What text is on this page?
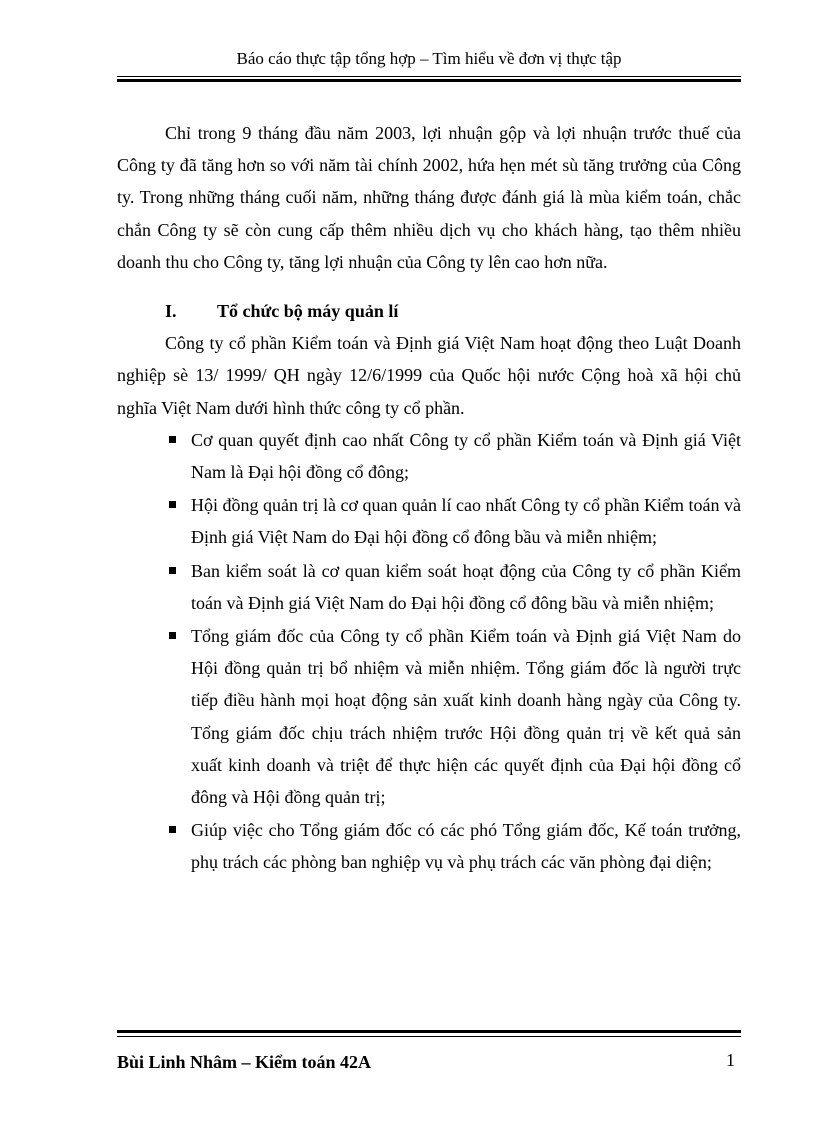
Báo cáo thực tập tổng hợp – Tìm hiểu về đơn vị thực tập

Chỉ trong 9 tháng đầu năm 2003, lợi nhuận gộp và lợi nhuận trước thuế của Công ty đã tăng hơn so với năm tài chính 2002, hứa hẹn mét sù tăng trưởng của Công ty. Trong những tháng cuối năm, những tháng được đánh giá là mùa kiểm toán, chắc chắn Công ty sẽ còn cung cấp thêm nhiều dịch vụ cho khách hàng, tạo thêm nhiều doanh thu cho Công ty, tăng lợi nhuận của Công ty lên cao hơn nữa.

I.	Tổ chức bộ máy quản lí

Công ty cổ phần Kiểm toán và Định giá Việt Nam hoạt động theo Luật Doanh nghiệp sè 13/ 1999/ QH ngày 12/6/1999 của Quốc hội nước Cộng hoà xã hội chủ nghĩa Việt Nam dưới hình thức công ty cổ phần.

Cơ quan quyết định cao nhất Công ty cổ phần Kiểm toán và Định giá Việt Nam là Đại hội đồng cổ đông;
Hội đồng quản trị là cơ quan quản lí cao nhất Công ty cổ phần Kiểm toán và Định giá Việt Nam do Đại hội đồng cổ đông bầu và miễn nhiệm;
Ban kiểm soát là cơ quan kiểm soát hoạt động của Công ty cổ phần Kiểm toán và Định giá Việt Nam do Đại hội đồng cổ đông bầu và miễn nhiệm;
Tổng giám đốc của Công ty cổ phần Kiểm toán và Định giá Việt Nam do Hội đồng quản trị bổ nhiệm và miễn nhiệm. Tổng giám đốc là người trực tiếp điều hành mọi hoạt động sản xuất kinh doanh hàng ngày của Công ty. Tổng giám đốc chịu trách nhiệm trước Hội đồng quản trị về kết quả sản xuất kinh doanh và triệt để thực hiện các quyết định của Đại hội đồng cổ đông và Hội đồng quản trị;
Giúp việc cho Tổng giám đốc có các phó Tổng giám đốc, Kế toán trưởng, phụ trách các phòng ban nghiệp vụ và phụ trách các văn phòng đại diện;
Bùi Linh Nhâm – Kiểm toán 42A	1
